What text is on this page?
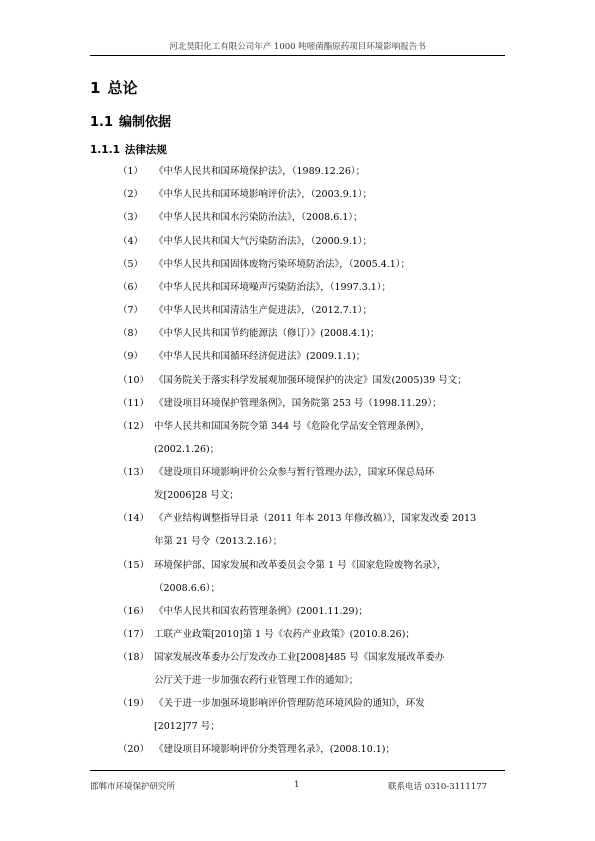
河北昊阳化工有限公司年产 1000 吨嘧菌酯原药项目环境影响报告书
1 总论
1.1 编制依据
1.1.1 法律法规
（1）	《中华人民共和国环境保护法》，（1989.12.26）；
（2）	《中华人民共和国环境影响评价法》，（2003.9.1）；
（3）	《中华人民共和国水污染防治法》，（2008.6.1）；
（4）	《中华人民共和国大气污染防治法》，（2000.9.1）；
（5）	《中华人民共和国固体废物污染环境防治法》，（2005.4.1）；
（6）	《中华人民共和国环境噪声污染防治法》，（1997.3.1）；
（7）	《中华人民共和国清洁生产促进法》，（2012.7.1）；
（8）	《中华人民共和国节约能源法（修订）》(2008.4.1)；
（9）	《中华人民共和国循环经济促进法》(2009.1.1)；
（10） 《国务院关于落实科学发展观加强环境保护的决定》国发(2005)39 号文；
（11） 《建设项目环境保护管理条例》，国务院第 253 号（1998.11.29）；
（12） 中华人民共和国国务院令第 344 号《危险化学品安全管理条例》，
(2002.1.26)；
（13） 《建设项目环境影响评价公众参与暂行管理办法》，国家环保总局环
发[2006]28 号文；
（14） 《产业结构调整指导目录（2011 年本 2013 年修改稿）》，国家发改委 2013
年第 21 号令（2013.2.16）；
（15） 环境保护部、国家发展和改革委员会令第 1 号《国家危险废物名录》，
（2008.6.6）；
（16） 《中华人民共和国农药管理条例》(2001.11.29)；
（17） 工联产业政策[2010]第 1 号《农药产业政策》(2010.8.26)；
（18） 国家发展改革委办公厅发改办工业[2008]485 号《国家发展改革委办
公厅关于进一步加强农药行业管理工作的通知》；
（19） 《关于进一步加强环境影响评价管理防范环境风险的通知》，环发
[2012]77 号；
（20） 《建设项目环境影响评价分类管理名录》，(2008.10.1)；
邯郸市环境保护研究所	1	联系电话 0310-3111177
